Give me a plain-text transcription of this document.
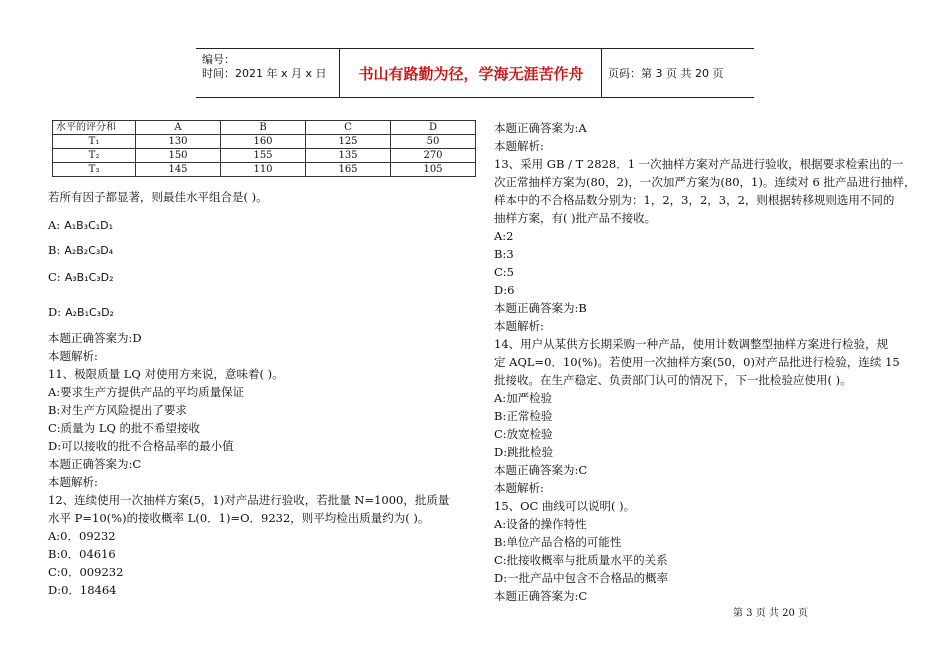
编号：
时间：2021 年 x 月 x 日	书山有路勤为径，学海无涯苦作舟	页码：第 3 页 共 20 页
水平的评分和	A	B	C	D
T₁	130	160	125	50
T₂	150	155	135	270
T₃	145	110	165	105

若所有因子都显著，则最佳水平组合是( )。

A: A₁B₃C₁D₁
B: A₂B₂C₃D₄
C: A₃B₁C₃D₂
D: A₂B₁C₃D₂

本题正确答案为:D

本题解析:

11、极限质量 LQ 对使用方来说，意味着( )。

A:要求生产方提供产品的平均质量保证

B:对生产方风险提出了要求

C:质量为 LQ 的批不希望接收

D:可以接收的批不合格品率的最小值

本题正确答案为:C

本题解析:

12、连续使用一次抽样方案(5，1)对产品进行验收，若批量 N=1000，批质量

水平 P=10(%)的接收概率 L(0．1)=O．9232，则平均检出质量约为( )。

A:0．09232

B:0．04616

C:0．009232

D:0．18464

本题正确答案为:A

本题解析:

13、采用 GB / T 2828．1 一次抽样方案对产品进行验收，根据要求检索出的一

次正常抽样方案为(80，2)，一次加严方案为(80，1)。连续对 6 批产品进行抽样，

样本中的不合格品数分别为：1，2，3，2，3，2，则根据转移规则选用不同的

抽样方案，有( )批产品不接收。

A:2

B:3

C:5

D:6

本题正确答案为:B

本题解析:

14、用户从某供方长期采购一种产品，使用计数调整型抽样方案进行检验，规

定 AQL=0．10(%)。若使用一次抽样方案(50，0)对产品批进行检验，连续 15

批接收。在生产稳定、负责部门认可的情况下，下一批检验应使用( )。

A:加严检验

B:正常检验

C:放宽检验

D:跳批检验

本题正确答案为:C

本题解析:

15、OC 曲线可以说明( )。

A:设备的操作特性

B:单位产品合格的可能性

C:批接收概率与批质量水平的关系

D:一批产品中包含不合格品的概率

本题正确答案为:C

第 3 页 共 20 页
